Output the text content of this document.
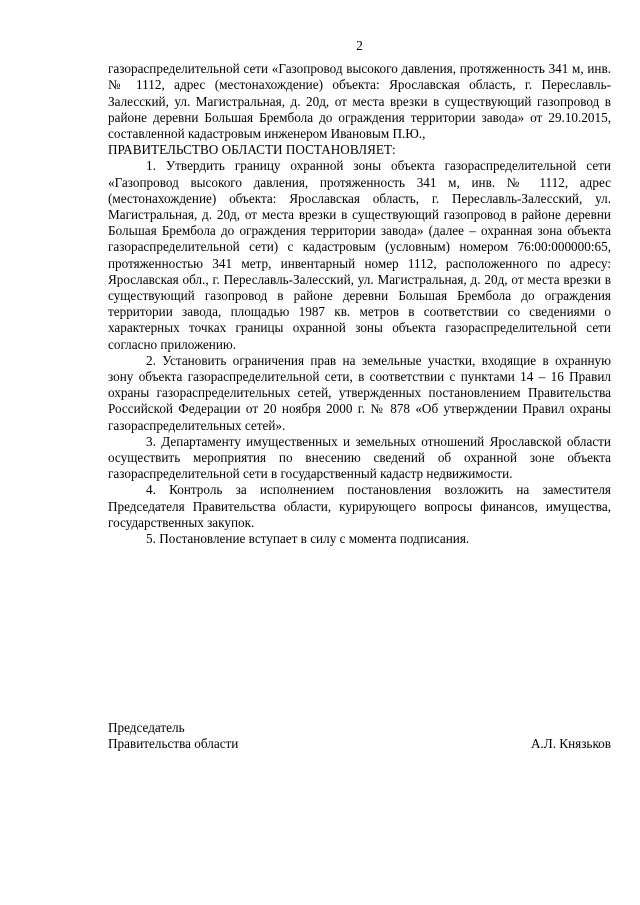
2

газораспределительной сети «Газопровод высокого давления, протяженность 341 м, инв. № 1112, адрес (местонахождение) объекта: Ярославская область, г. Переславль-Залесский, ул. Магистральная, д. 20д, от места врезки в существующий газопровод в районе деревни Большая Брембола до ограждения территории завода» от 29.10.2015, составленной кадастровым инженером Ивановым П.Ю.,

ПРАВИТЕЛЬСТВО ОБЛАСТИ ПОСТАНОВЛЯЕТ:

1. Утвердить границу охранной зоны объекта газораспределительной сети «Газопровод высокого давления, протяженность 341 м, инв. № 1112, адрес (местонахождение) объекта: Ярославская область, г. Переславль-Залесский, ул. Магистральная, д. 20д, от места врезки в существующий газопровод в районе деревни Большая Брембола до ограждения территории завода» (далее – охранная зона объекта газораспределительной сети) с кадастровым (условным) номером 76:00:000000:65, протяженностью 341 метр, инвентарный номер 1112, расположенного по адресу: Ярославская обл., г. Переславль-Залесский, ул. Магистральная, д. 20д, от места врезки в существующий газопровод в районе деревни Большая Брембола до ограждения территории завода, площадью 1987 кв. метров в соответствии со сведениями о характерных точках границы охранной зоны объекта газораспределительной сети согласно приложению.

2. Установить ограничения прав на земельные участки, входящие в охранную зону объекта газораспределительной сети, в соответствии с пунктами 14 – 16 Правил охраны газораспределительных сетей, утвержденных постановлением Правительства Российской Федерации от 20 ноября 2000 г. № 878 «Об утверждении Правил охраны газораспределительных сетей».

3. Департаменту имущественных и земельных отношений Ярославской области осуществить мероприятия по внесению сведений об охранной зоне объекта газораспределительной сети в государственный кадастр недвижимости.

4. Контроль за исполнением постановления возложить на заместителя Председателя Правительства области, курирующего вопросы финансов, имущества, государственных закупок.

5. Постановление вступает в силу с момента подписания.

Председатель
Правительства области	А.Л. Князьков
